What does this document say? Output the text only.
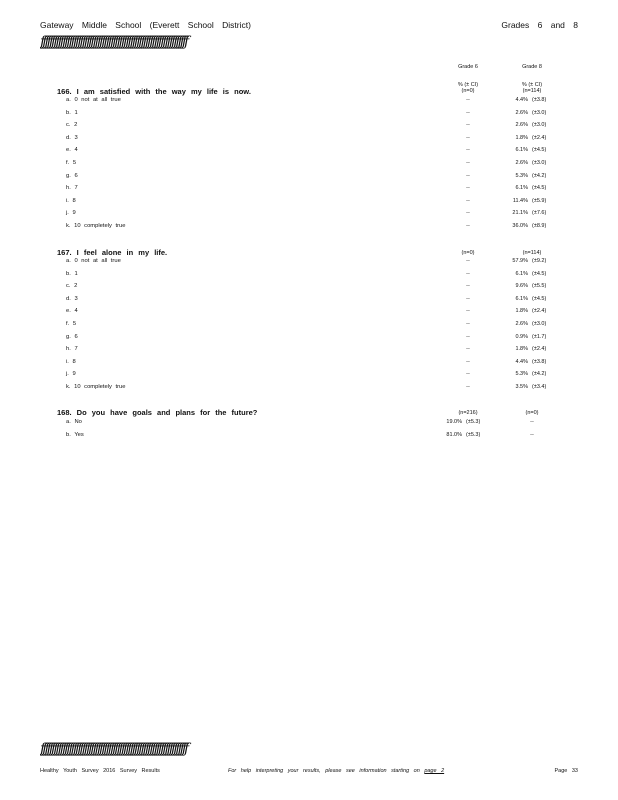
Gateway Middle School (Everett School District)	Grades 6 and 8
ƒƒƒƒƒƒƒƒƒƒƒƒƒƒƒƒƒƒƒƒƒƒƒƒƒƒƒƒƒƒƒƒƒƒƒƒƒƒƒƒƒƒƒƒƒƒƒƒƒƒƒƒƒƒƒƒƒƒƒƒƒƒƒƒƒƒƒ
Grade 6	Grade 8
% (± CI)	% (± CI)
(n=0)	(n=114)
166. I am satisfied with the way my life is now.
a. 0 not at all true	--	4.4% (±3.8)
b. 1	--	2.6% (±3.0)
c. 2	--	2.6% (±3.0)
d. 3	--	1.8% (±2.4)
e. 4	--	6.1% (±4.5)
f. 5	--	2.6% (±3.0)
g. 6	--	5.3% (±4.2)
h. 7	--	6.1% (±4.5)
i. 8	--	11.4% (±5.9)
j. 9	--	21.1% (±7.6)
k. 10 completely true	--	36.0% (±8.9)
167. I feel alone in my life.	(n=0)	(n=114)
a. 0 not at all true	--	57.9% (±9.2)
b. 1	--	6.1% (±4.5)
c. 2	--	9.6% (±5.5)
d. 3	--	6.1% (±4.5)
e. 4	--	1.8% (±2.4)
f. 5	--	2.6% (±3.0)
g. 6	--	0.9% (±1.7)
h. 7	--	1.8% (±2.4)
i. 8	--	4.4% (±3.8)
j. 9	--	5.3% (±4.2)
k. 10 completely true	--	3.5% (±3.4)
168. Do you have goals and plans for the future?	(n=216)	(n=0)
a. No	19.0% (±5.3)	--
b. Yes	81.0% (±5.3)	--
ƒƒƒƒƒƒƒƒƒƒƒƒƒƒƒƒƒƒƒƒƒƒƒƒƒƒƒƒƒƒƒƒƒƒƒƒƒƒƒƒƒƒƒƒƒƒƒƒƒƒƒƒƒƒƒƒƒƒƒƒƒƒƒƒƒƒƒ
Healthy Youth Survey 2016 Survey Results	For help interpreting your results, please see information starting on page 2	Page 33
